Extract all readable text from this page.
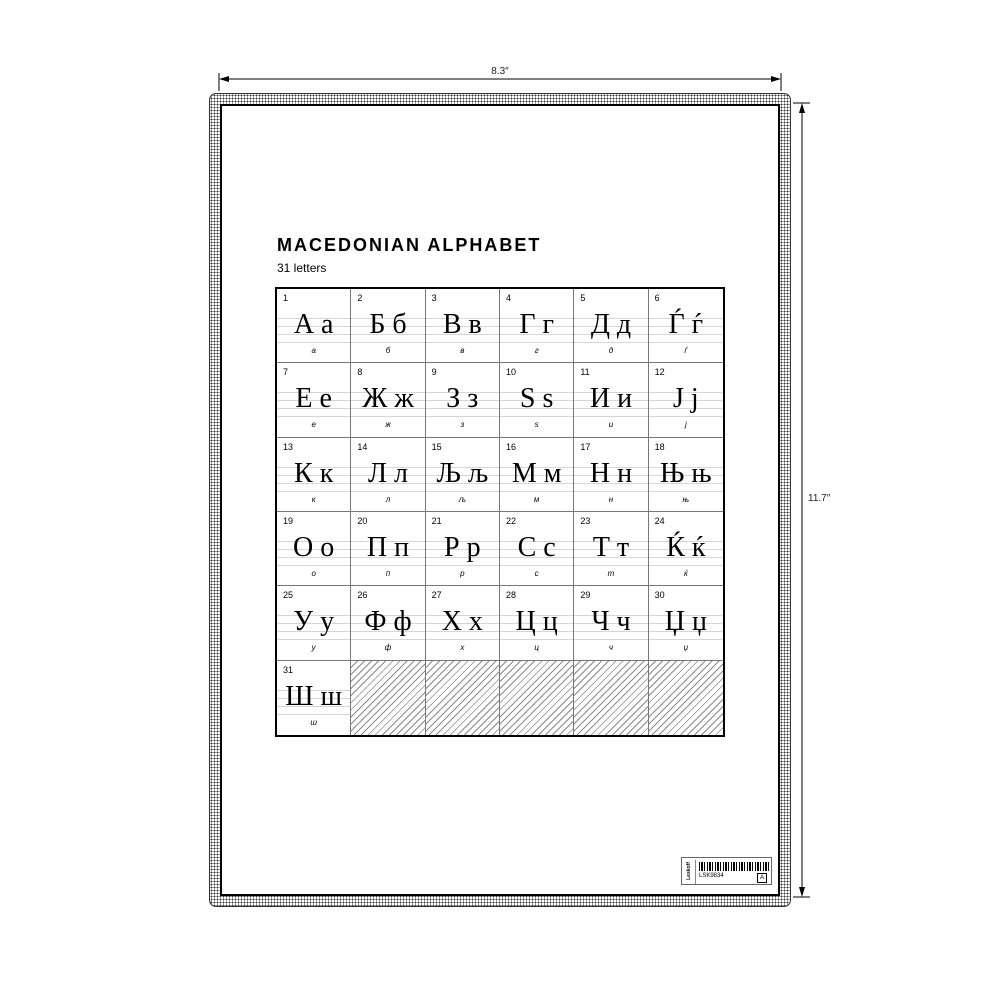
8.3″
11.7″
MACEDONIAN ALPHABET
31 letters
1
А а
а
2
Б б
б
3
В в
в
4
Г г
г
5
Д д
д
6
Ѓ ѓ
ѓ
7
Е е
е
8
Ж ж
ж
9
З з
з
10
Ѕ ѕ
ѕ
11
И и
и
12
Ј ј
ј
13
К к
к
14
Л л
л
15
Љ љ
љ
16
М м
м
17
Н н
н
18
Њ њ
њ
19
О о
о
20
П п
п
21
Р р
р
22
С с
с
23
Т т
т
24
Ќ ќ
ќ
25
У у
у
26
Ф ф
ф
27
Х х
х
28
Ц ц
ц
29
Ч ч
ч
30
Џ џ
џ
31
Ш ш
ш
Leskoff LSK9834	A
